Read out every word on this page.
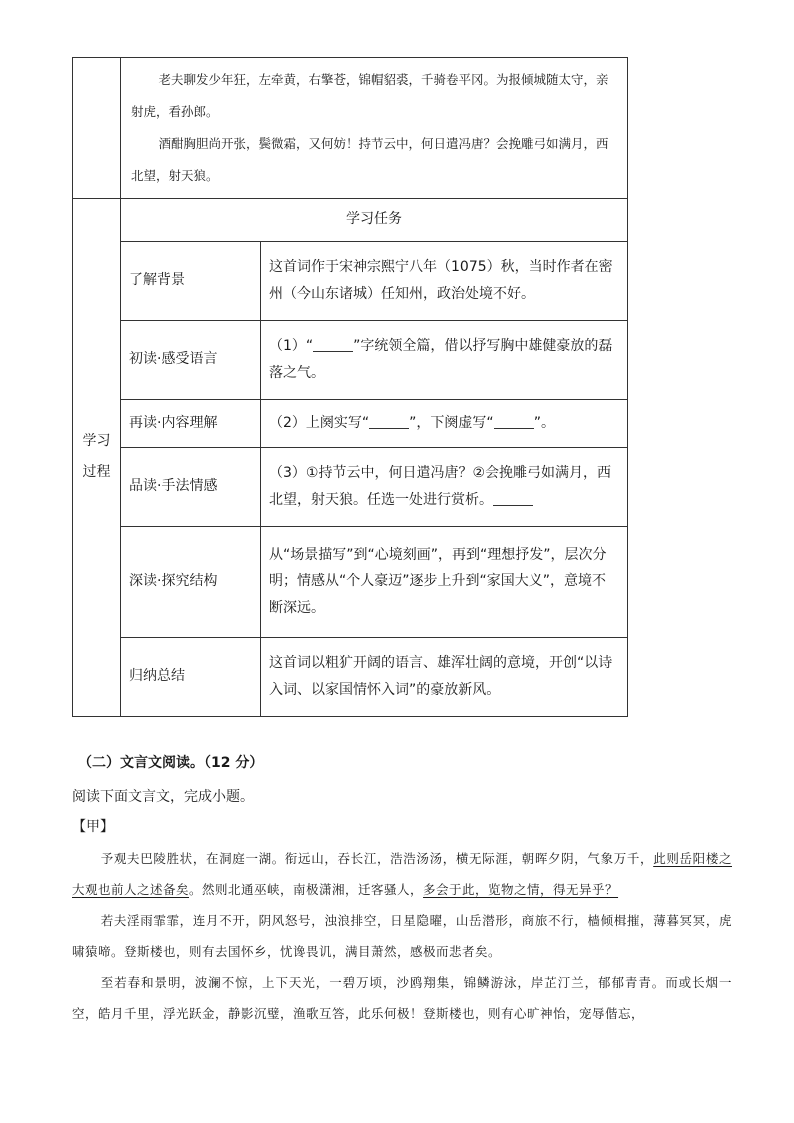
	老夫聊发少年狂，左牵黄，右擎苍，锦帽貂裘，千骑卷平冈。为报倾城随太守，亲射虎，看孙郎。

酒酣胸胆尚开张，鬓微霜，又何妨！持节云中，何日遣冯唐？会挽雕弓如满月，西北望，射天狼。	

学习过程	学习任务	
	了解背景	这首词作于宋神宗熙宁八年（1075）秋，当时作者在密州（今山东诸城）任知州，政治处境不好。
	初读·感受语言	（1）“ ”字统领全篇，借以抒写胸中雄健豪放的磊落之气。
	再读·内容理解	（2）上阕实写“ ”，下阕虚写“ ”。
	品读·手法情感	（3）①持节云中，何日遣冯唐？②会挽雕弓如满月，西北望，射天狼。任选一处进行赏析。
	深读·探究结构	从“场景描写”到“心境刻画”，再到“理想抒发”，层次分明；情感从“个人豪迈”逐步上升到“家国大义”，意境不断深远。
	归纳总结	这首词以粗犷开阔的语言、雄浑壮阔的意境，开创“以诗入词、以家国情怀入词”的豪放新风。
（二）文言文阅读。（12 分）
阅读下面文言文，完成小题。
【甲】

予观夫巴陵胜状，在洞庭一湖。衔远山，吞长江，浩浩汤汤，横无际涯，朝晖夕阴，气象万千，此则岳阳楼之大观也前人之述备矣。然则北通巫峡，南极潇湘，迁客骚人，多会于此，览物之情，得无异乎？

若夫淫雨霏霏，连月不开，阴风怒号，浊浪排空，日星隐曜，山岳潜形，商旅不行，樯倾楫摧，薄暮冥冥，虎啸猿啼。登斯楼也，则有去国怀乡，忧谗畏讥，满目萧然，感极而悲者矣。

至若春和景明，波澜不惊，上下天光，一碧万顷，沙鸥翔集，锦鳞游泳，岸芷汀兰，郁郁青青。而或长烟一空，皓月千里，浮光跃金，静影沉璧，渔歌互答，此乐何极！登斯楼也，则有心旷神怡，宠辱偕忘，
